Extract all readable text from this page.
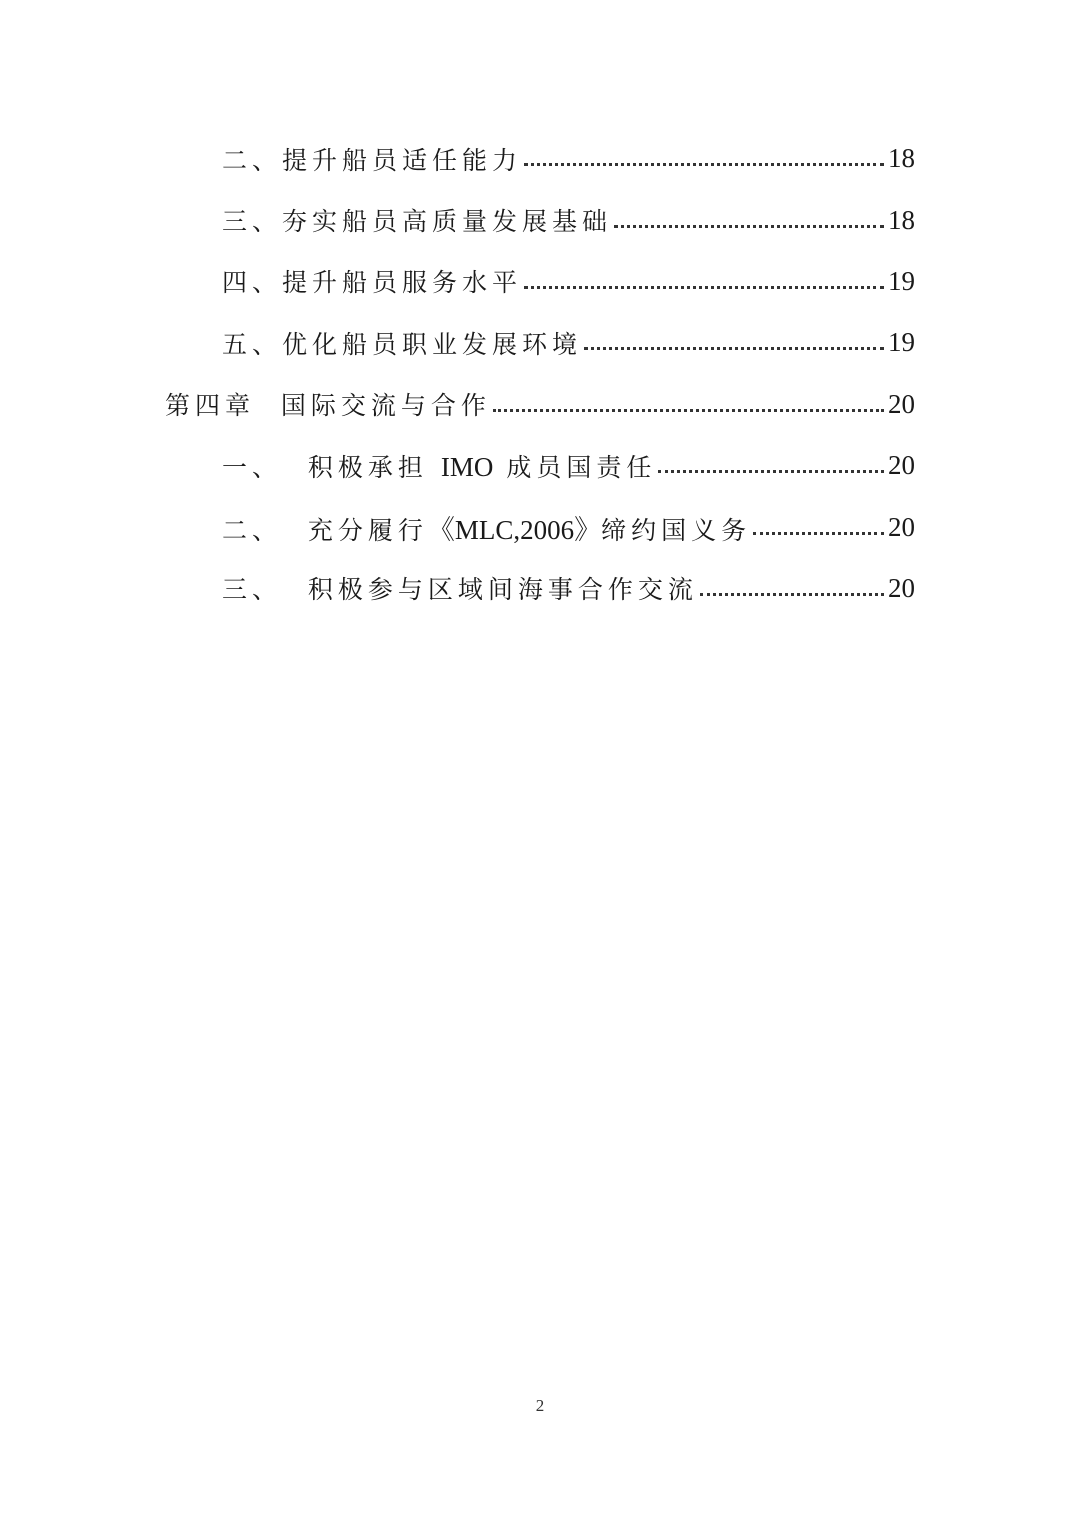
二、提升船员适任能力	18
三、夯实船员高质量发展基础	18
四、提升船员服务水平	19
五、优化船员职业发展环境	19
第四章  国际交流与合作	20
一、  积极承担 IMO 成员国责任	20
二、  充分履行《MLC,2006》缔约国义务	20
三、  积极参与区域间海事合作交流	20
2
